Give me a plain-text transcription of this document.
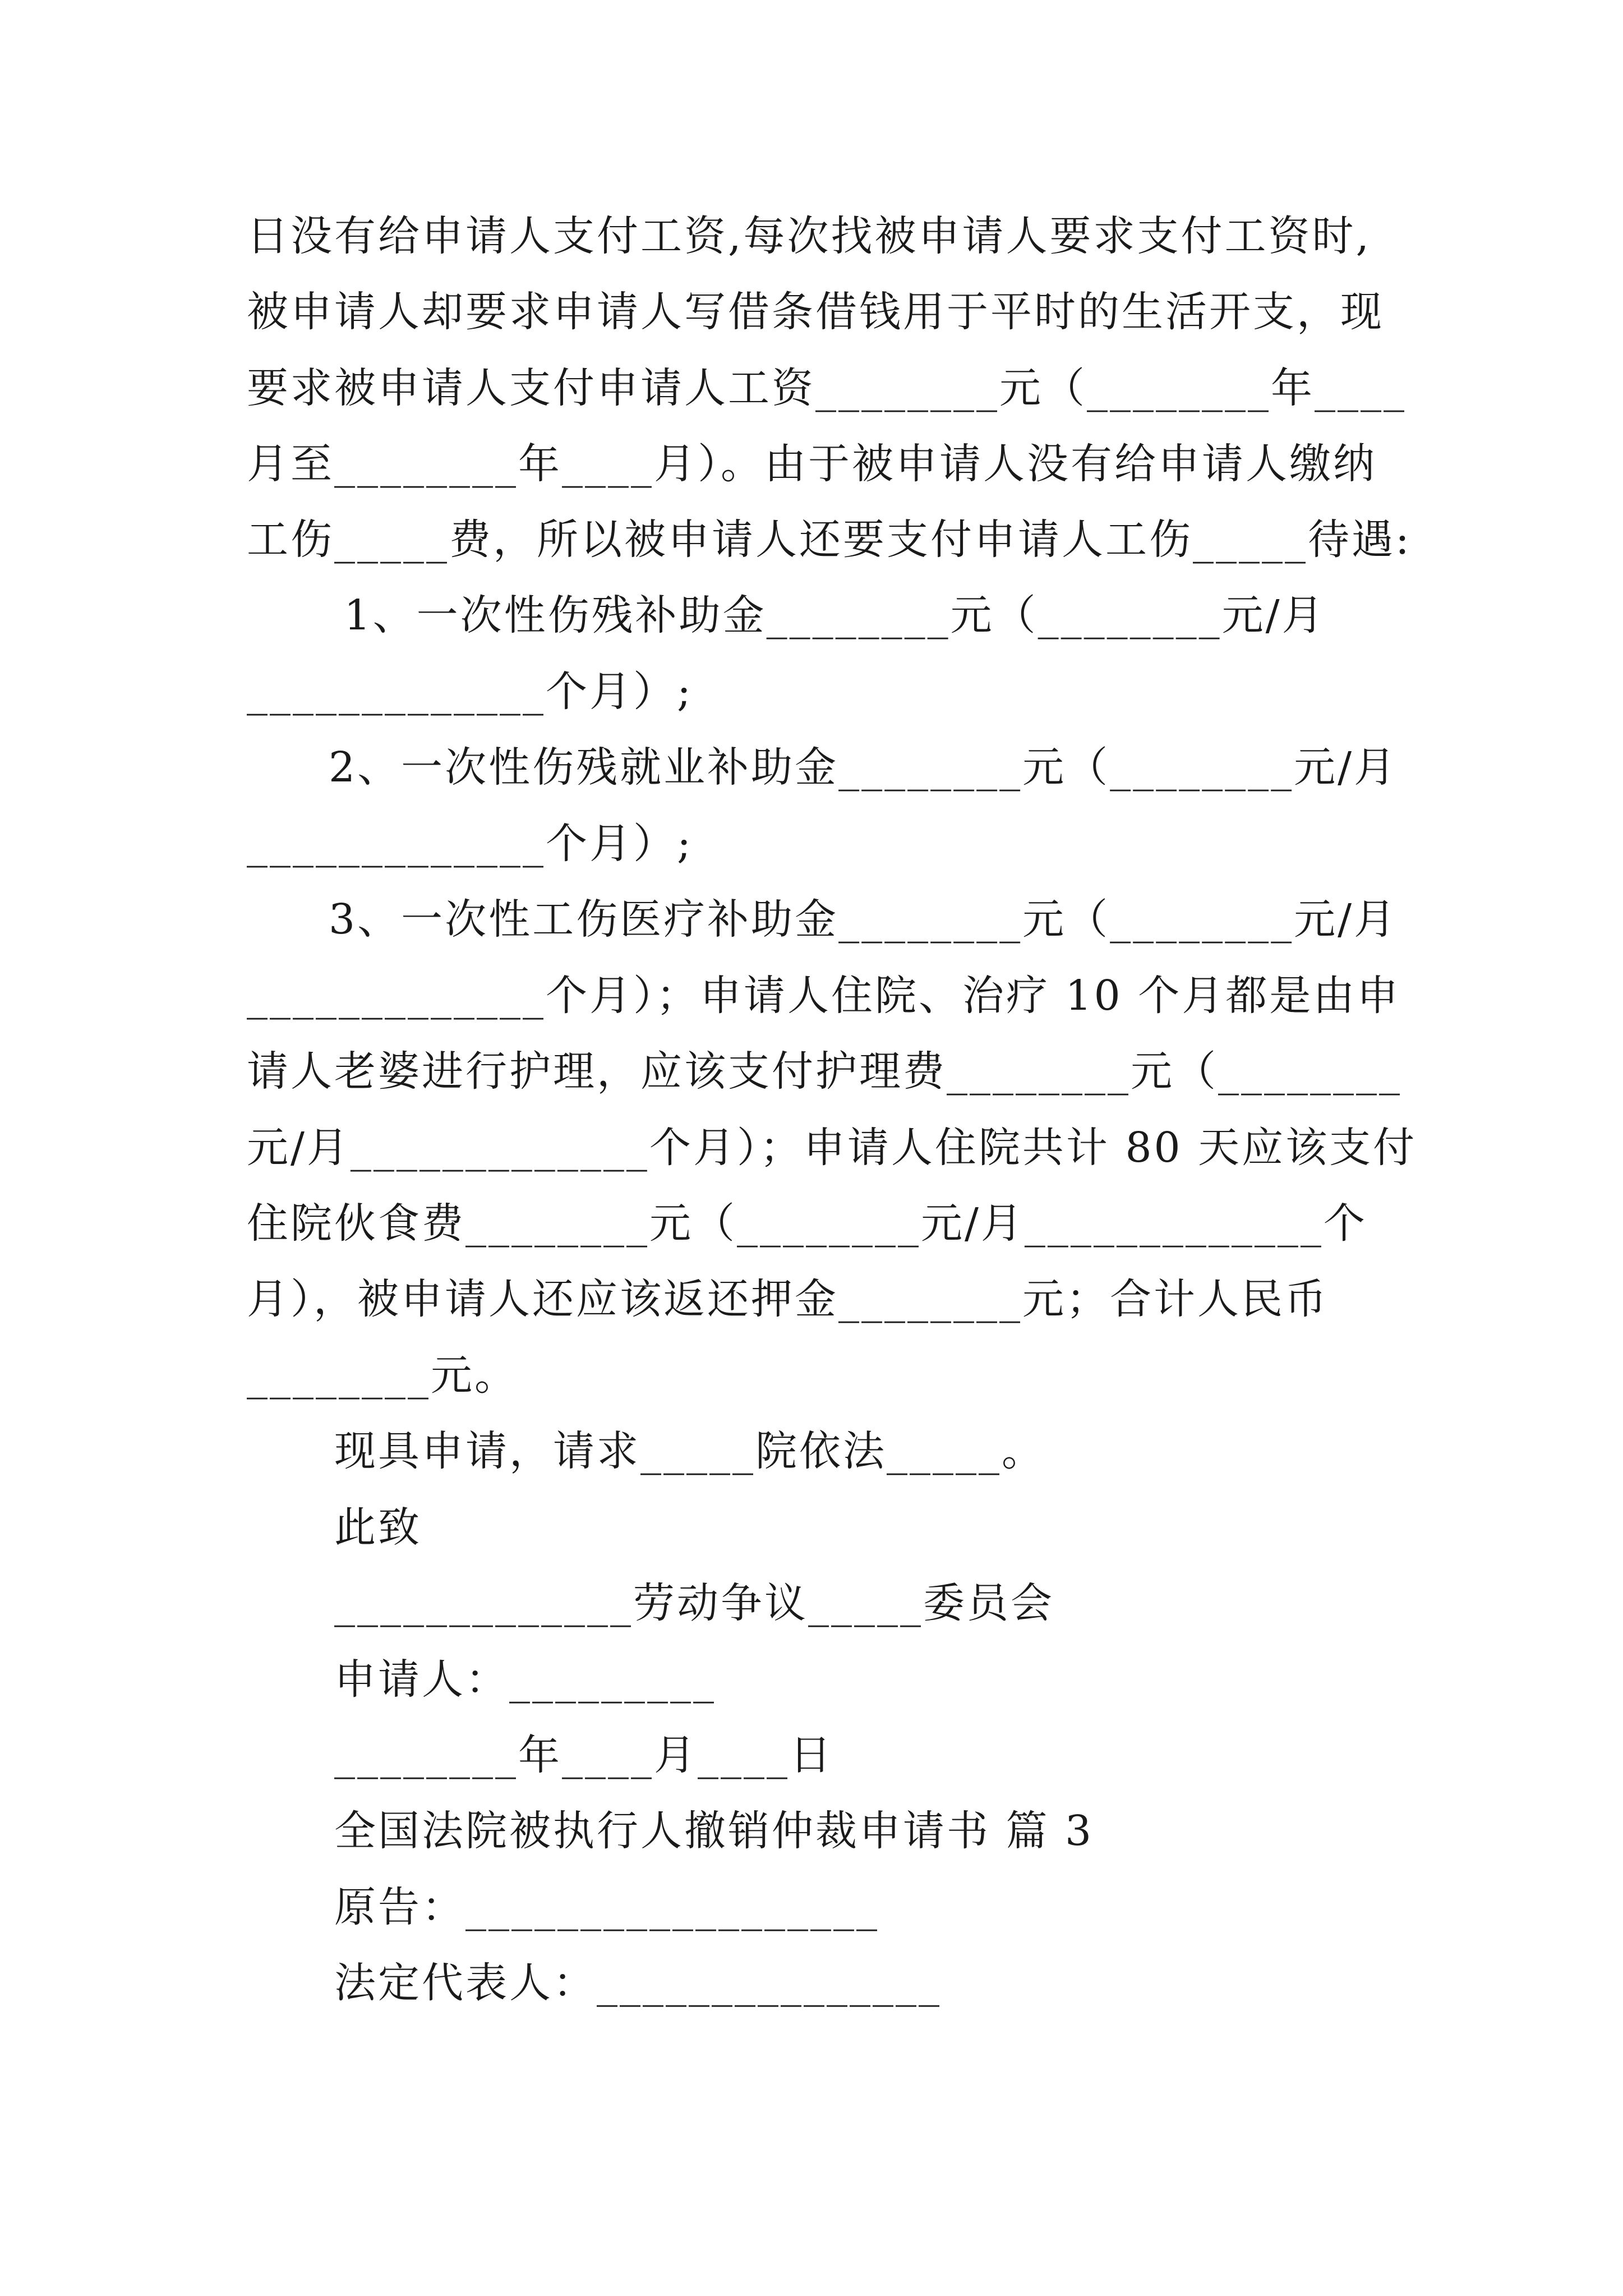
日没有给申请人支付工资,每次找被申请人要求支付工资时,
被申请人却要求申请人写借条借钱用于平时的生活开支，现
要求被申请人支付申请人工资________元（________年____
月至________年____月）。由于被申请人没有给申请人缴纳
工伤_____费，所以被申请人还要支付申请人工伤_____待遇:
1、一次性伤残补助金________元（________元/月
_____________个月）;
2、一次性伤残就业补助金________元（________元/月
_____________个月）;
3、一次性工伤医疗补助金________元（________元/月
_____________个月）；申请人住院、治疗 10 个月都是由申
请人老婆进行护理，应该支付护理费________元（________
元/月_____________个月）；申请人住院共计 80 天应该支付
住院伙食费________元（________元/月_____________个
月），被申请人还应该返还押金________元；合计人民币
________元。
现具申请，请求_____院依法_____。
此致
_____________劳动争议_____委员会
申请人：_________
________年____月____日
全国法院被执行人撤销仲裁申请书 篇 3
原告：__________________
法定代表人：_______________
